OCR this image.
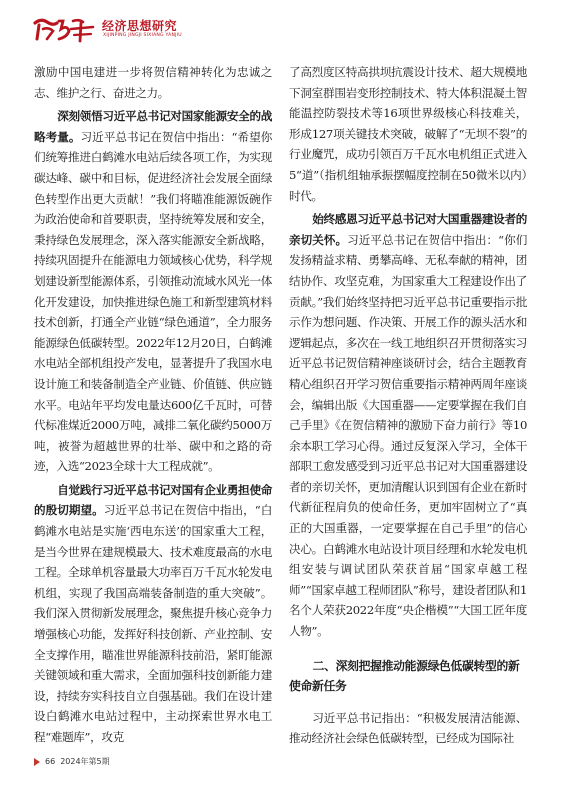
经济思想研究
XIJINPING JINGJI SIXIANG YANJIU

激励中国电建进一步将贺信精神转化为忠诚之志、维护之行、奋进之力。

深刻领悟习近平总书记对国家能源安全的战略考量。习近平总书记在贺信中指出：“希望你们统筹推进白鹤滩水电站后续各项工作，为实现碳达峰、碳中和目标，促进经济社会发展全面绿色转型作出更大贡献！”我们将瞄准能源饭碗作为政治使命和首要职责，坚持统筹发展和安全，秉持绿色发展理念，深入落实能源安全新战略，持续巩固提升在能源电力领域核心优势，科学规划建设新型能源体系，引领推动流域水风光一体化开发建设，加快推进绿色施工和新型建筑材料技术创新，打通全产业链“绿色通道”，全力服务能源绿色低碳转型。2022年12月20日，白鹤滩水电站全部机组投产发电，显著提升了我国水电设计施工和装备制造全产业链、价值链、供应链水平。电站年平均发电量达600亿千瓦时，可替代标准煤近2000万吨，减排二氧化碳约5000万吨，被誉为超越世界的壮举、碳中和之路的奇迹，入选“2023全球十大工程成就”。

自觉践行习近平总书记对国有企业勇担使命的殷切期望。习近平总书记在贺信中指出，“白鹤滩水电站是实施‘西电东送’的国家重大工程，是当今世界在建规模最大、技术难度最高的水电工程。全球单机容量最大功率百万千瓦水轮发电机组，实现了我国高端装备制造的重大突破”。我们深入贯彻新发展理念，聚焦提升核心竞争力增强核心功能，发挥好科技创新、产业控制、安全支撑作用，瞄准世界能源科技前沿，紧盯能源关键领域和重大需求，全面加强科技创新能力建设，持续夯实科技自立自强基础。我们在设计建设白鹤滩水电站过程中，主动探索世界水电工程“难题库”，攻克

了高烈度区特高拱坝抗震设计技术、超大规模地下洞室群围岩变形控制技术、特大体积混凝土智能温控防裂技术等16项世界级核心科技难关，形成127项关键技术突破，破解了“无坝不裂”的行业魔咒，成功引领百万千瓦水电机组正式进入5“道”（指机组轴承振摆幅度控制在50微米以内）时代。

始终感恩习近平总书记对大国重器建设者的亲切关怀。习近平总书记在贺信中指出：“你们发扬精益求精、勇攀高峰、无私奉献的精神，团结协作、攻坚克难，为国家重大工程建设作出了贡献。”我们始终坚持把习近平总书记重要指示批示作为想问题、作决策、开展工作的源头活水和逻辑起点，多次在一线工地组织召开贯彻落实习近平总书记贺信精神座谈研讨会，结合主题教育精心组织召开学习贺信重要指示精神两周年座谈会，编辑出版《大国重器——定要掌握在我们自己手里》《在贺信精神的激励下奋力前行》等10余本职工学习心得。通过反复深入学习，全体干部职工愈发感受到习近平总书记对大国重器建设者的亲切关怀，更加清醒认识到国有企业在新时代新征程肩负的使命任务，更加牢固树立了“真正的大国重器，一定要掌握在自己手里”的信心决心。白鹤滩水电站设计项目经理和水轮发电机组安装与调试团队荣获首届“国家卓越工程师”“国家卓越工程师团队”称号，建设者团队和1名个人荣获2022年度“央企楷模”“大国工匠年度人物”。

二、深刻把握推动能源绿色低碳转型的新使命新任务

习近平总书记指出：“积极发展清洁能源、推动经济社会绿色低碳转型，已经成为国际社

66 2024年第5期
